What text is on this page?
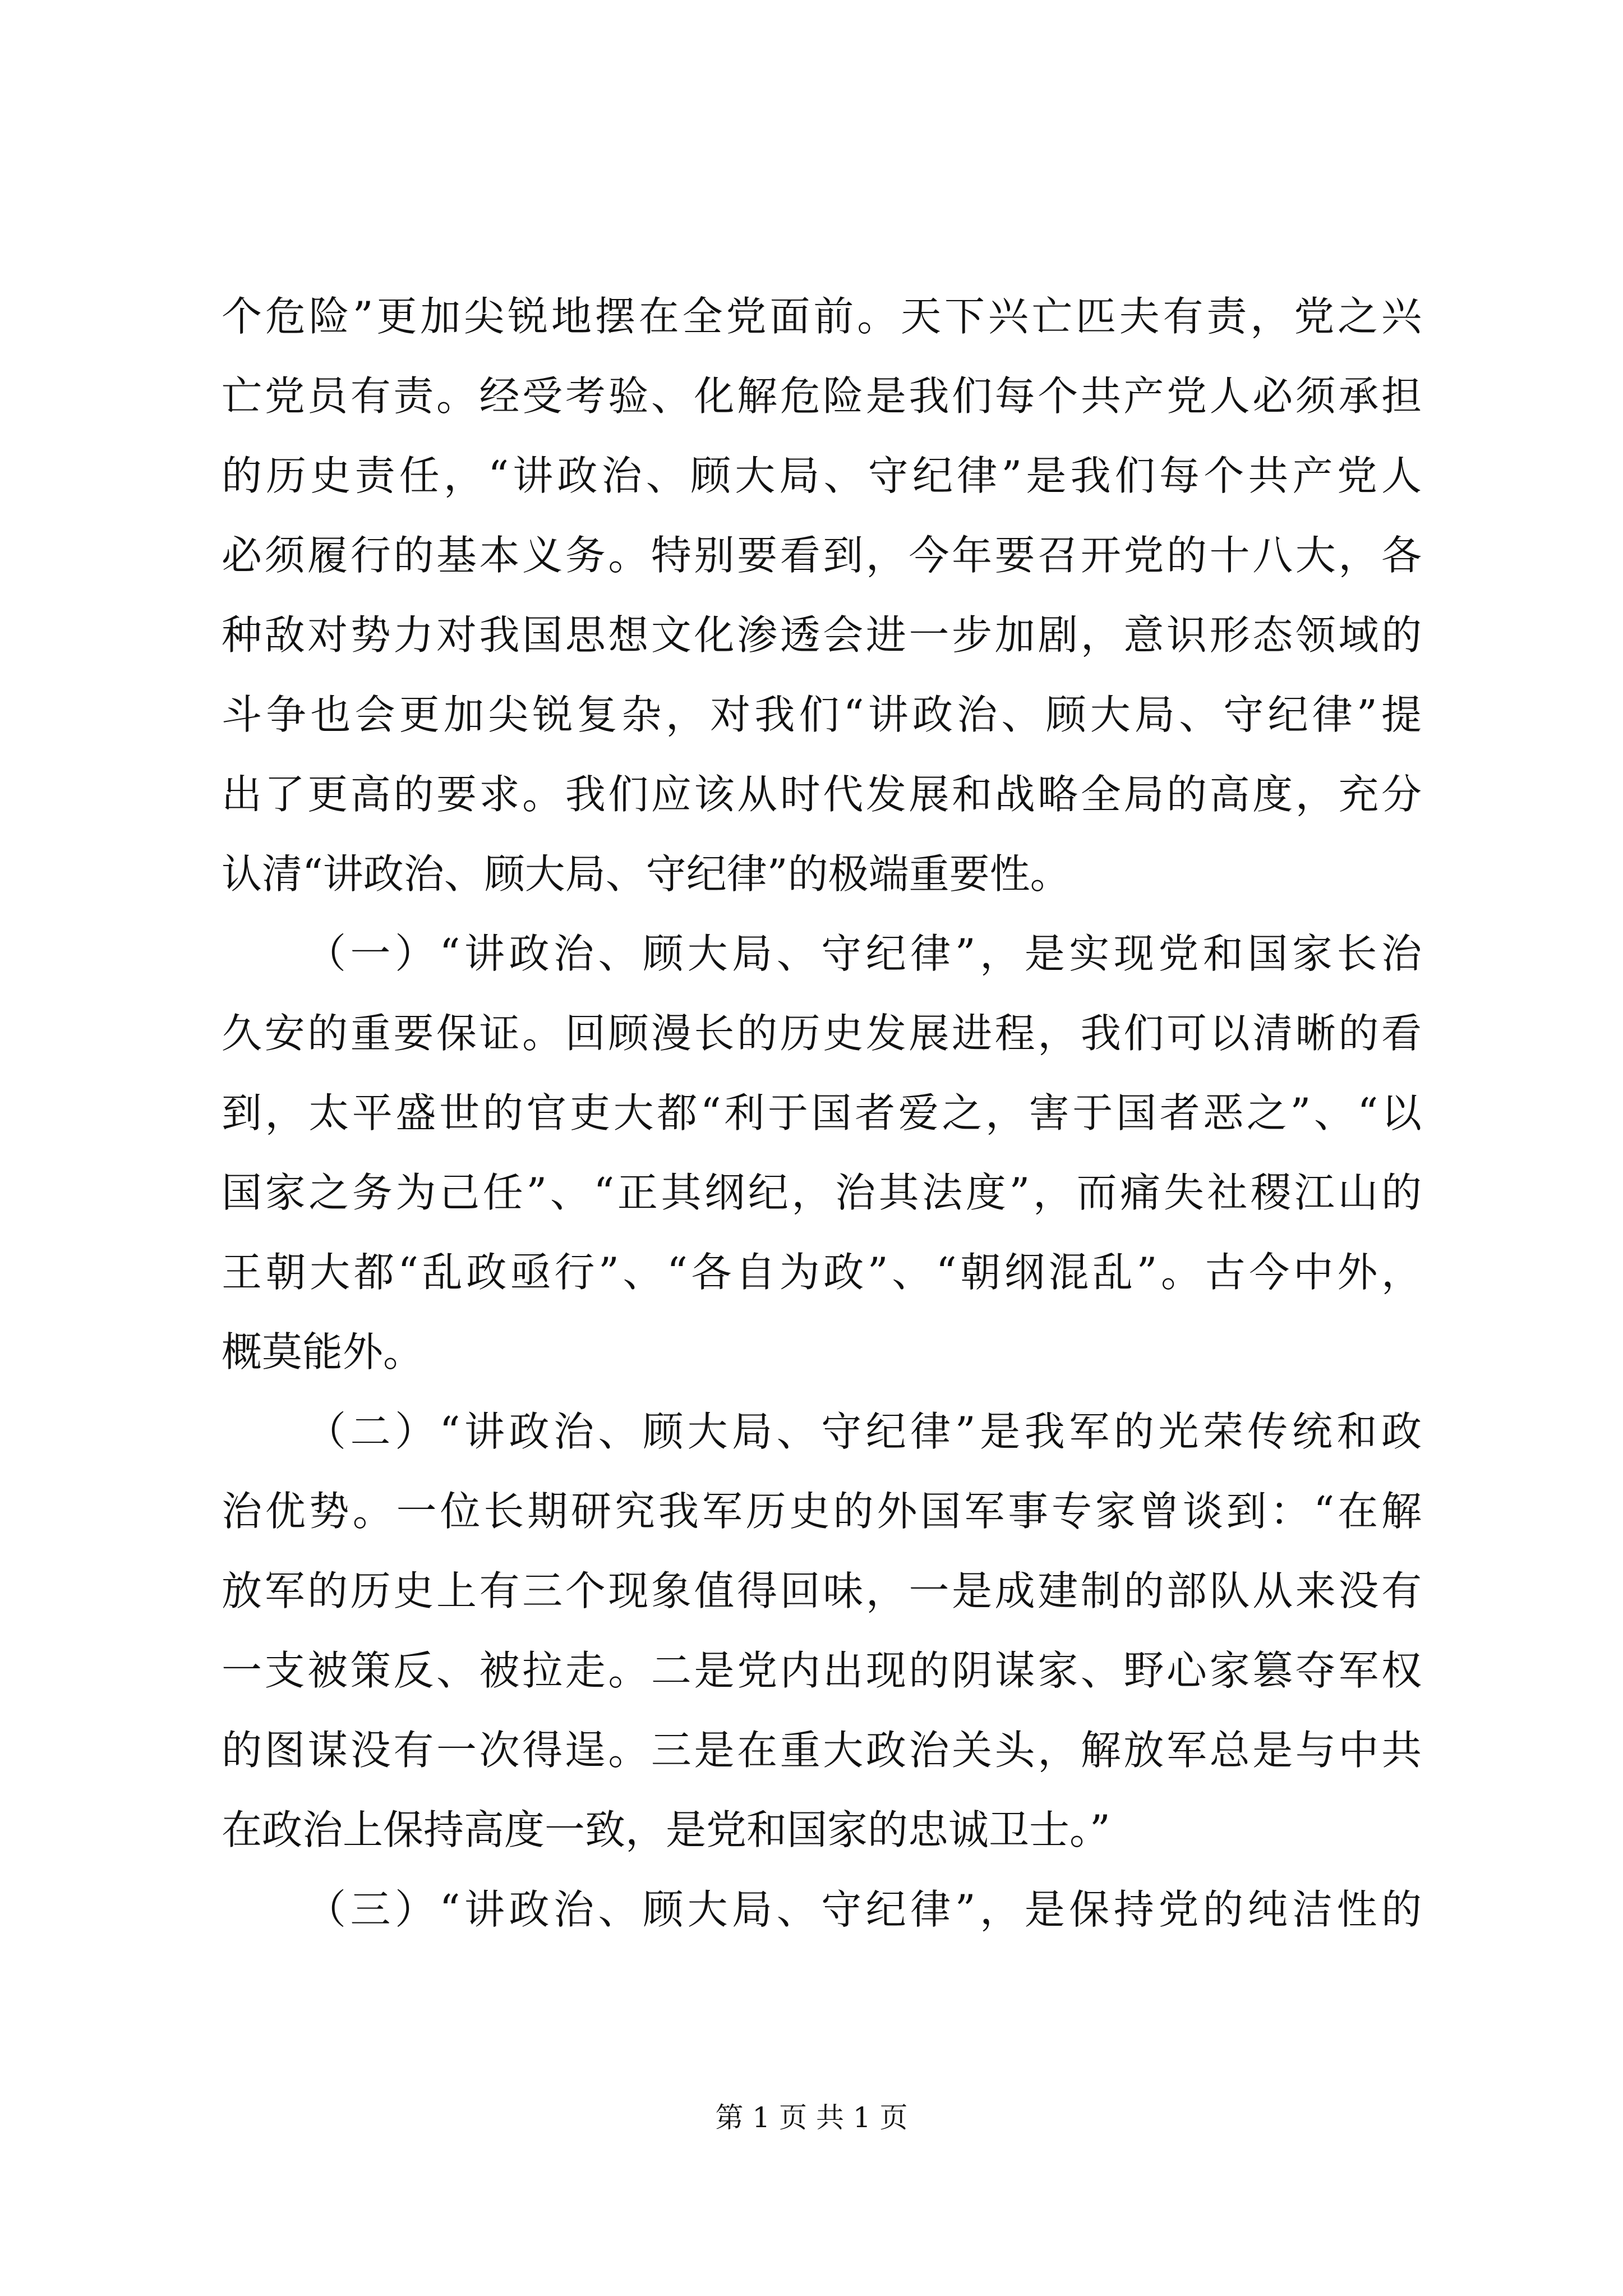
个危险”更加尖锐地摆在全党面前。天下兴亡匹夫有责，党之兴
亡党员有责。经受考验、化解危险是我们每个共产党人必须承担
的历史责任，“讲政治、顾大局、守纪律”是我们每个共产党人
必须履行的基本义务。特别要看到，今年要召开党的十八大，各
种敌对势力对我国思想文化渗透会进一步加剧，意识形态领域的
斗争也会更加尖锐复杂，对我们“讲政治、顾大局、守纪律”提
出了更高的要求。我们应该从时代发展和战略全局的高度，充分
认清“讲政治、顾大局、守纪律”的极端重要性。
（一）“讲政治、顾大局、守纪律”，是实现党和国家长治
久安的重要保证。回顾漫长的历史发展进程，我们可以清晰的看
到，太平盛世的官吏大都“利于国者爱之，害于国者恶之”、“以
国家之务为己任”、“正其纲纪，治其法度”，而痛失社稷江山的
王朝大都“乱政亟行”、“各自为政”、“朝纲混乱”。古今中外，
概莫能外。
（二）“讲政治、顾大局、守纪律”是我军的光荣传统和政
治优势。一位长期研究我军历史的外国军事专家曾谈到：“在解
放军的历史上有三个现象值得回味，一是成建制的部队从来没有
一支被策反、被拉走。二是党内出现的阴谋家、野心家篡夺军权
的图谋没有一次得逞。三是在重大政治关头，解放军总是与中共
在政治上保持高度一致，是党和国家的忠诚卫士。”
（三）“讲政治、顾大局、守纪律”，是保持党的纯洁性的
第 1 页 共 1 页
